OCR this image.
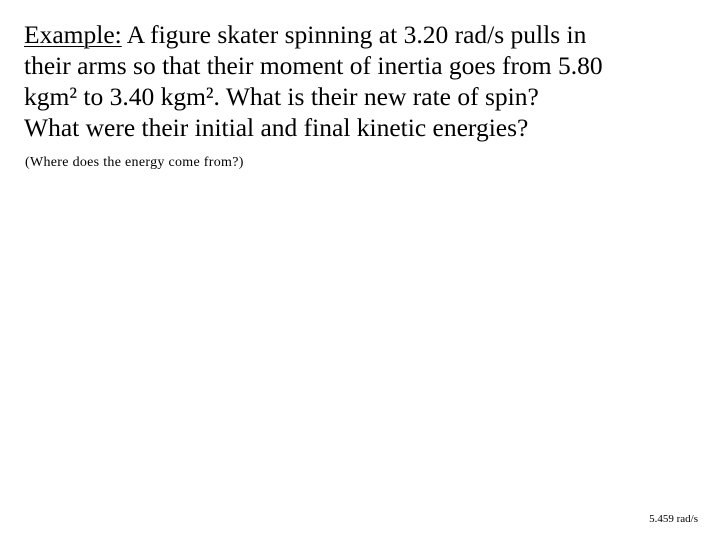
Example: A figure skater spinning at 3.20 rad/s pulls in
their arms so that their moment of inertia goes from 5.80
kgm² to 3.40 kgm². What is their new rate of spin?
What were their initial and final kinetic energies?

(Where does the energy come from?)

5.459 rad/s
